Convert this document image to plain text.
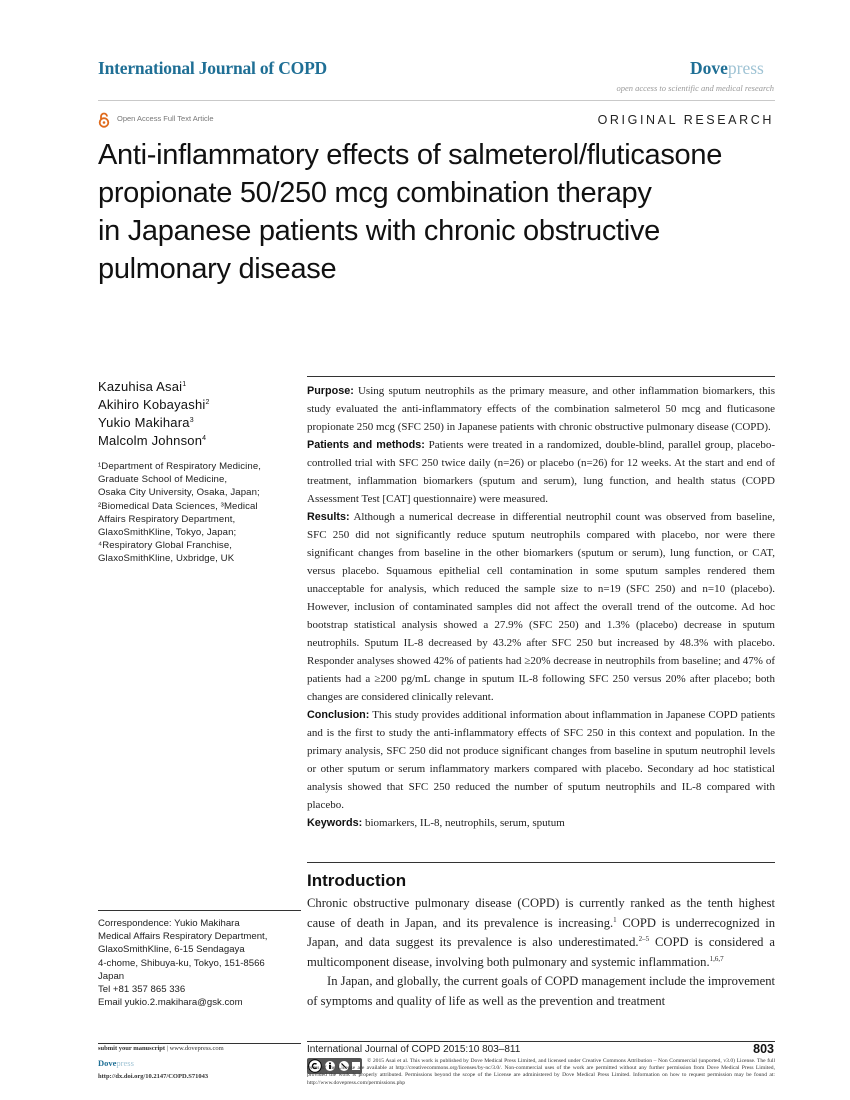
International Journal of COPD	Dovepress
open access to scientific and medical research
Open Access Full Text Article	ORIGINAL RESEARCH
Anti-inflammatory effects of salmeterol/fluticasone
propionate 50/250 mcg combination therapy
in Japanese patients with chronic obstructive
pulmonary disease
Kazuhisa Asai$^1$
Akihiro Kobayashi$^2$
Yukio Makihara$^3$
Malcolm Johnson$^4$
¹Department of Respiratory Medicine,
Graduate School of Medicine,
Osaka City University, Osaka, Japan;
²Biomedical Data Sciences, ³Medical
Affairs Respiratory Department,
GlaxoSmithKline, Tokyo, Japan;
⁴Respiratory Global Franchise,
GlaxoSmithKline, Uxbridge, UK

Purpose: Using sputum neutrophils as the primary measure, and other inflammation biomarkers, this study evaluated the anti-inflammatory effects of the combination salmeterol 50 mcg and fluticasone propionate 250 mcg (SFC 250) in Japanese patients with chronic obstructive pulmonary disease (COPD).

Patients and methods: Patients were treated in a randomized, double-blind, parallel group, placebo-controlled trial with SFC 250 twice daily (n=26) or placebo (n=26) for 12 weeks. At the start and end of treatment, inflammation biomarkers (sputum and serum), lung function, and health status (COPD Assessment Test [CAT] questionnaire) were measured.

Results: Although a numerical decrease in differential neutrophil count was observed from baseline, SFC 250 did not significantly reduce sputum neutrophils compared with placebo, nor were there significant changes from baseline in the other biomarkers (sputum or serum), lung function, or CAT, versus placebo. Squamous epithelial cell contamination in some sputum samples rendered them unacceptable for analysis, which reduced the sample size to n=19 (SFC 250) and n=10 (placebo). However, inclusion of contaminated samples did not affect the overall trend of the outcome. Ad hoc bootstrap statistical analysis showed a 27.9% (SFC 250) and 1.3% (placebo) decrease in sputum neutrophils. Sputum IL-8 decreased by 43.2% after SFC 250 but increased by 48.3% with placebo. Responder analyses showed 42% of patients had ≥20% decrease in neutrophils from baseline; and 47% of patients had a ≥200 pg/mL change in sputum IL-8 following SFC 250 versus 20% after placebo; both changes are considered clinically relevant.

Conclusion: This study provides additional information about inflammation in Japanese COPD patients and is the first to study the anti-inflammatory effects of SFC 250 in this context and population. In the primary analysis, SFC 250 did not produce significant changes from baseline in sputum neutrophil levels or other sputum or serum inflammatory markers compared with placebo. Secondary ad hoc statistical analysis showed that SFC 250 reduced the number of sputum neutrophils and IL-8 compared with placebo.

Keywords: biomarkers, IL-8, neutrophils, serum, sputum

Introduction

Chronic obstructive pulmonary disease (COPD) is currently ranked as the tenth highest cause of death in Japan, and its prevalence is increasing.$^1$ COPD is underrecognized in Japan, and data suggest its prevalence is also underestimated.$^{2-5}$ COPD is considered a multicomponent disease, involving both pulmonary and systemic inflammation.$^{1,6,7}$

In Japan, and globally, the current goals of COPD management include the improvement of symptoms and quality of life as well as the prevention and treatment

Correspondence: Yukio Makihara
Medical Affairs Respiratory Department,
GlaxoSmithKline, 6-15 Sendagaya
4-chome, Shibuya-ku, Tokyo, 151-8566
Japan
Tel +81 357 865 336
Email yukio.2.makihara@gsk.com
submit your manuscript | www.dovepress.com
Dovepress
http://dx.doi.org/10.2147/COPD.S71043
International Journal of COPD 2015:10 803–811	803
© 2015 Asai et al. This work is published by Dove Medical Press Limited, and licensed under Creative Commons Attribution – Non Commercial (unported, v3.0) License. The full terms of the License are available at http://creativecommons.org/licenses/by-nc/3.0/. Non-commercial uses of the work are permitted without any further permission from Dove Medical Press Limited, provided the work is properly attributed. Permissions beyond the scope of the License are administered by Dove Medical Press Limited. Information on how to request permission may be found at: http://www.dovepress.com/permissions.php
